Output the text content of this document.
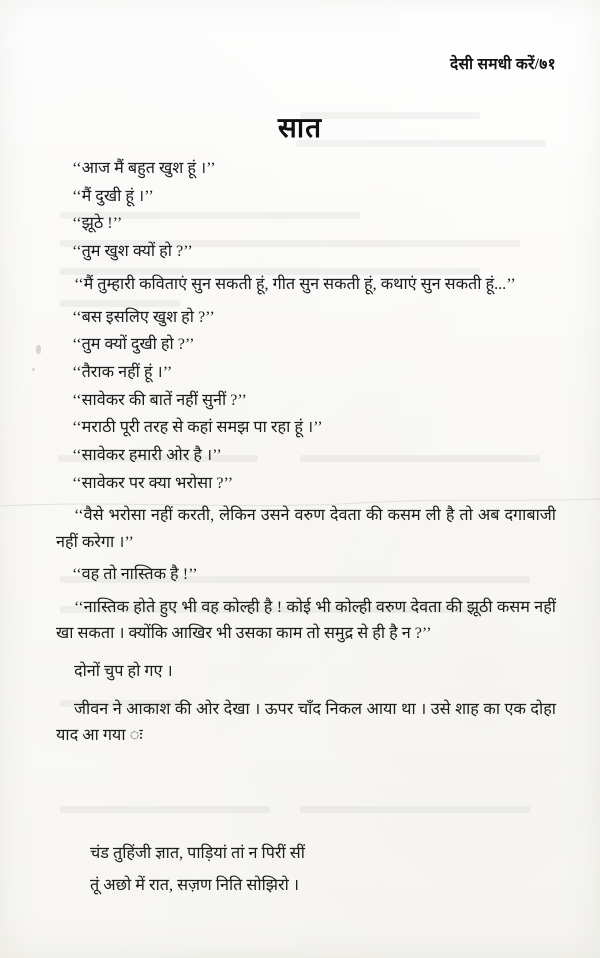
देसी समधी करें/७१
सात

‘‘आज मैं बहुत खुश हूं ।’’

‘‘मैं दुखी हूं ।’’

‘‘झूठे !’’

‘‘तुम खुश क्यों हो ?’’

‘‘मैं तुम्हारी कविताएं सुन सकती हूं, गीत सुन सकती हूं, कथाएं सुन सकती हूं...’’

‘‘बस इसलिए खुश हो ?’’

‘‘तुम क्यों दुखी हो ?’’

‘‘तैराक नहीं हूं ।’’

‘‘सावेकर की बातें नहीं सुनीं ?’’

‘‘मराठी पूरी तरह से कहां समझ पा रहा हूं ।’’

‘‘सावेकर हमारी ओर है ।’’

‘‘सावेकर पर क्या भरोसा ?’’

‘‘वैसे भरोसा नहीं करती, लेकिन उसने वरुण देवता की कसम ली है तो अब दगाबाजी नहीं करेगा ।’’

‘‘वह तो नास्तिक है !’’

‘‘नास्तिक होते हुए भी वह कोल्ही है ! कोई भी कोल्ही वरुण देवता की झूठी कसम नहीं खा सकता । क्योंकि आखिर भी उसका काम तो समुद्र से ही है न ?’’

दोनों चुप हो गए ।

जीवन ने आकाश की ओर देखा । ऊपर चाँद निकल आया था । उसे शाह का एक दोहा याद आ गया ः

चंड तुहिंजी ज्ञात, पाड़ियां तां न पिरीं सीं
तूं अछो में रात, सज़ण निति सोझिरो ।
